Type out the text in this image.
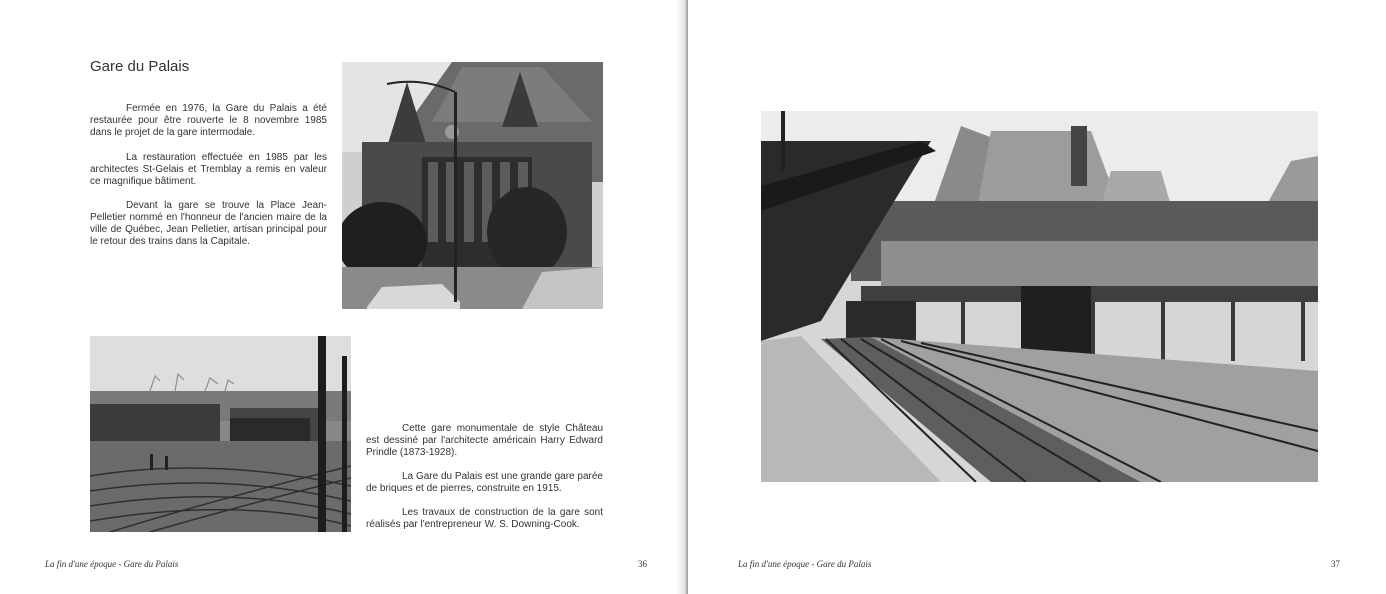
Gare du Palais

Fermée en 1976, la Gare du Palais a été restaurée pour être rouverte le 8 novembre 1985 dans le projet de la gare intermodale.

La restauration effectuée en 1985 par les architectes St-Gelais et Tremblay a remis en valeur ce magnifique bâtiment.

Devant la gare se trouve la Place Jean-Pelletier nommé en l'honneur de l'ancien maire de la ville de Québec, Jean Pelletier, artisan principal pour le retour des trains dans la Capitale.

Cette gare monumentale de style Château est dessiné par l'architecte américain Harry Edward Prindle (1873-1928).

La Gare du Palais est une grande gare parée de briques et de pierres, construite en 1915.

Les travaux de construction de la gare sont réalisés par l'entrepreneur W. S. Downing-Cook.

La fin d'une époque - Gare du Palais	36	La fin d'une époque - Gare du Palais	37
